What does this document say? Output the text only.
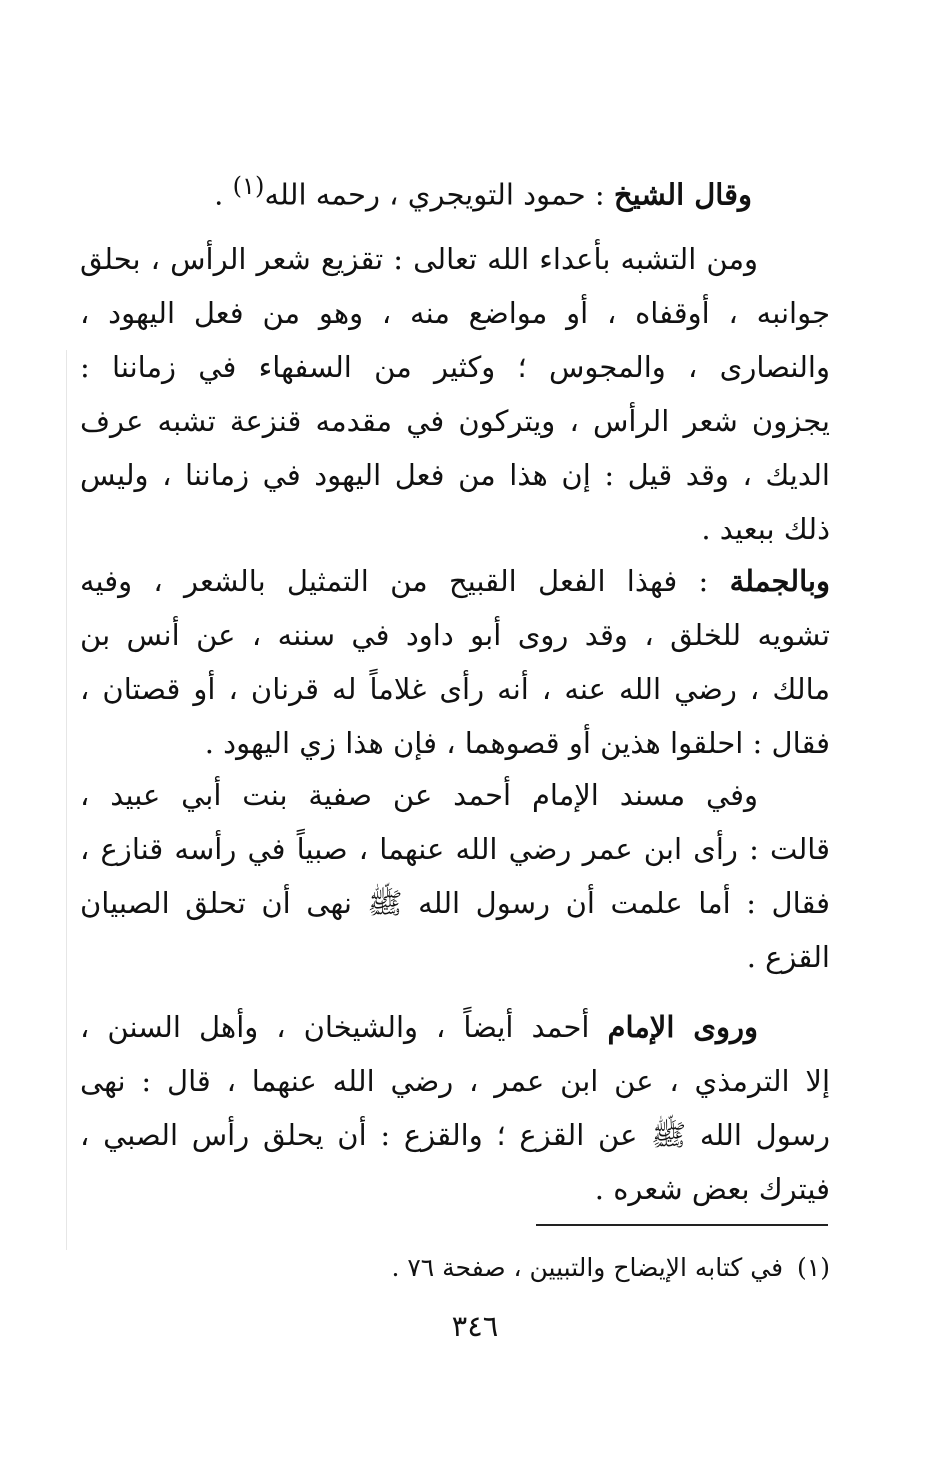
وقال الشيخ : حمود التويجري ، رحمه الله$^{(١)}$ .
ومن التشبه بأعداء الله تعالى : تقزيع شعر الرأس ، بحلق
جوانبه ، أوقفاه ، أو مواضع منه ، وهو من فعل اليهود ،
والنصارى ، والمجوس ؛ وكثير من السفهاء في زماننا :
يجزون شعر الرأس ، ويتركون في مقدمه قنزعة تشبه عرف
الديك ، وقد قيل : إن هذا من فعل اليهود في زماننا ، وليس
ذلك ببعيد .
وبالجملة : فهذا الفعل القبيح من التمثيل بالشعر ، وفيه
تشويه للخلق ، وقد روى أبو داود في سننه ، عن أنس بن
مالك ، رضي الله عنه ، أنه رأى غلاماً له قرنان ، أو قصتان ،
فقال : احلقوا هذين أو قصوهما ، فإن هذا زي اليهود .
وفي مسند الإمام أحمد عن صفية بنت أبي عبيد ،
قالت : رأى ابن عمر رضي الله عنهما ، صبياً في رأسه قنازع ،
فقال : أما علمت أن رسول الله ﷺ نهى أن تحلق الصبيان
القزع .
وروى الإمام أحمد أيضاً ، والشيخان ، وأهل السنن ،
إلا الترمذي ، عن ابن عمر ، رضي الله عنهما ، قال : نهى
رسول الله ﷺ عن القزع ؛ والقزع : أن يحلق رأس الصبي ،
فيترك بعض شعره .
(١)في كتابه الإيضاح والتبيين ، صفحة ٧٦ .
٣٤٦
